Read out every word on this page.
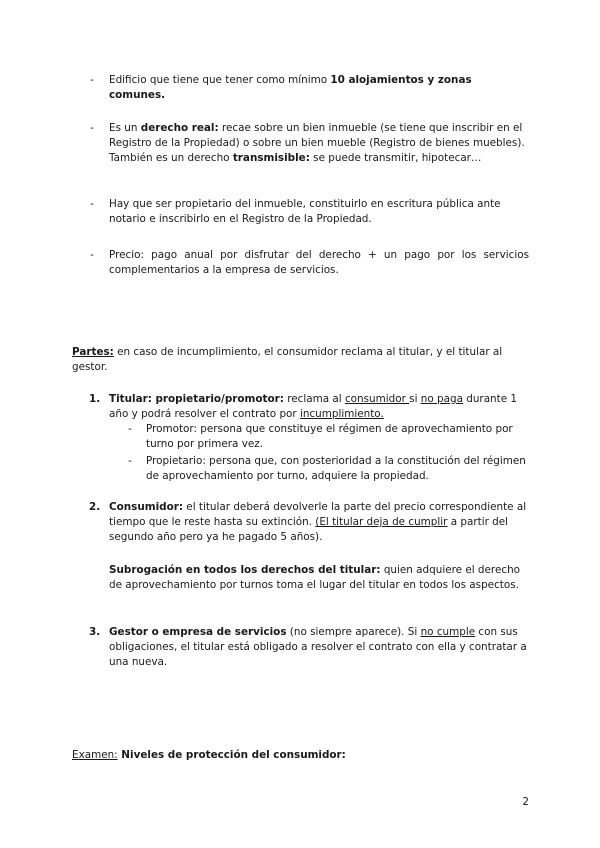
-	Edificio que tiene que tener como mínimo 10 alojamientos y zonas comunes.
-	Es un derecho real: recae sobre un bien inmueble (se tiene que inscribir en el Registro de la Propiedad) o sobre un bien mueble (Registro de bienes muebles). También es un derecho transmisible: se puede transmitir, hipotecar…
-	Hay que ser propietario del inmueble, constituirlo en escritura pública ante notario e inscribirlo en el Registro de la Propiedad.
-	Precio: pago anual por disfrutar del derecho + un pago por los servicios complementarios a la empresa de servicios.
Partes: en caso de incumplimiento, el consumidor reclama al titular, y el titular al gestor.
1. Titular: propietario/promotor: reclama al consumidor si no paga durante 1 año y podrá resolver el contrato por incumplimiento.
-	Promotor: persona que constituye el régimen de aprovechamiento por turno por primera vez.
-	Propietario: persona que, con posterioridad a la constitución del régimen de aprovechamiento por turno, adquiere la propiedad.
2. Consumidor: el titular deberá devolverle la parte del precio correspondiente al tiempo que le reste hasta su extinción. (El titular deja de cumplir a partir del segundo año pero ya he pagado 5 años).
Subrogación en todos los derechos del titular: quien adquiere el derecho de aprovechamiento por turnos toma el lugar del titular en todos los aspectos.
3. Gestor o empresa de servicios (no siempre aparece). Si no cumple con sus obligaciones, el titular está obligado a resolver el contrato con ella y contratar a una nueva.
Examen: Niveles de protección del consumidor:
2
